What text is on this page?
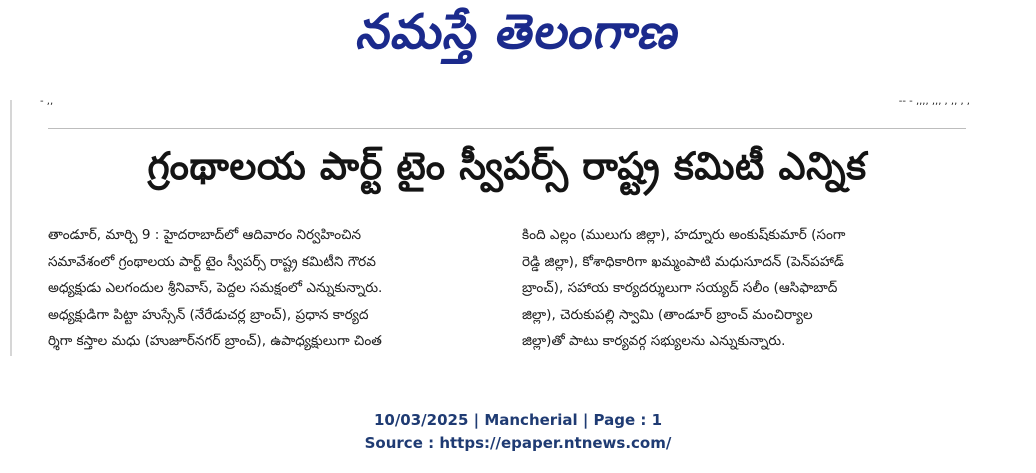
నమస్తే తెలంగాణ
- ,,	-- - ,,,, ,,, , ,, , ,
గ్రంథాలయ పార్ట్ టైం స్వీపర్స్ రాష్ట్ర కమిటీ ఎన్నిక
తాండూర్, మార్చి 9 : హైదరాబాద్‌లో ఆదివారం నిర్వహించిన
సమావేశంలో గ్రంథాలయ పార్ట్ టైం స్వీపర్స్ రాష్ట్ర కమిటీని గౌరవ
అధ్యక్షుడు ఎలగందుల శ్రీనివాస్, పెద్దల సమక్షంలో ఎన్నుకున్నారు.
అధ్యక్షుడిగా పిట్టా హుస్సేన్ (నేరేడుచర్ల బ్రాంచ్), ప్రధాన కార్యద
ర్శిగా కస్తాల మధు (హుజూర్‌నగర్ బ్రాంచ్), ఉపాధ్యక్షులుగా చింత
కింది ఎల్లం (ములుగు జిల్లా), హద్నూరు అంకుష్‌కుమార్ (సంగా
రెడ్డి జిల్లా), కోశాధికారిగా ఖమ్మంపాటి మధుసూదన్ (పెన్‌పహాడ్
బ్రాంచ్), సహాయ కార్యదర్శులుగా సయ్యద్ సలీం (ఆసిఫాబాద్
జిల్లా), చెరుకుపల్లి స్వామి (తాండూర్ బ్రాంచ్ మంచిర్యాల
జిల్లా)తో పాటు కార్యవర్గ సభ్యులను ఎన్నుకున్నారు.
10/03/2025 | Mancherial | Page : 1
Source : https://epaper.ntnews.com/
